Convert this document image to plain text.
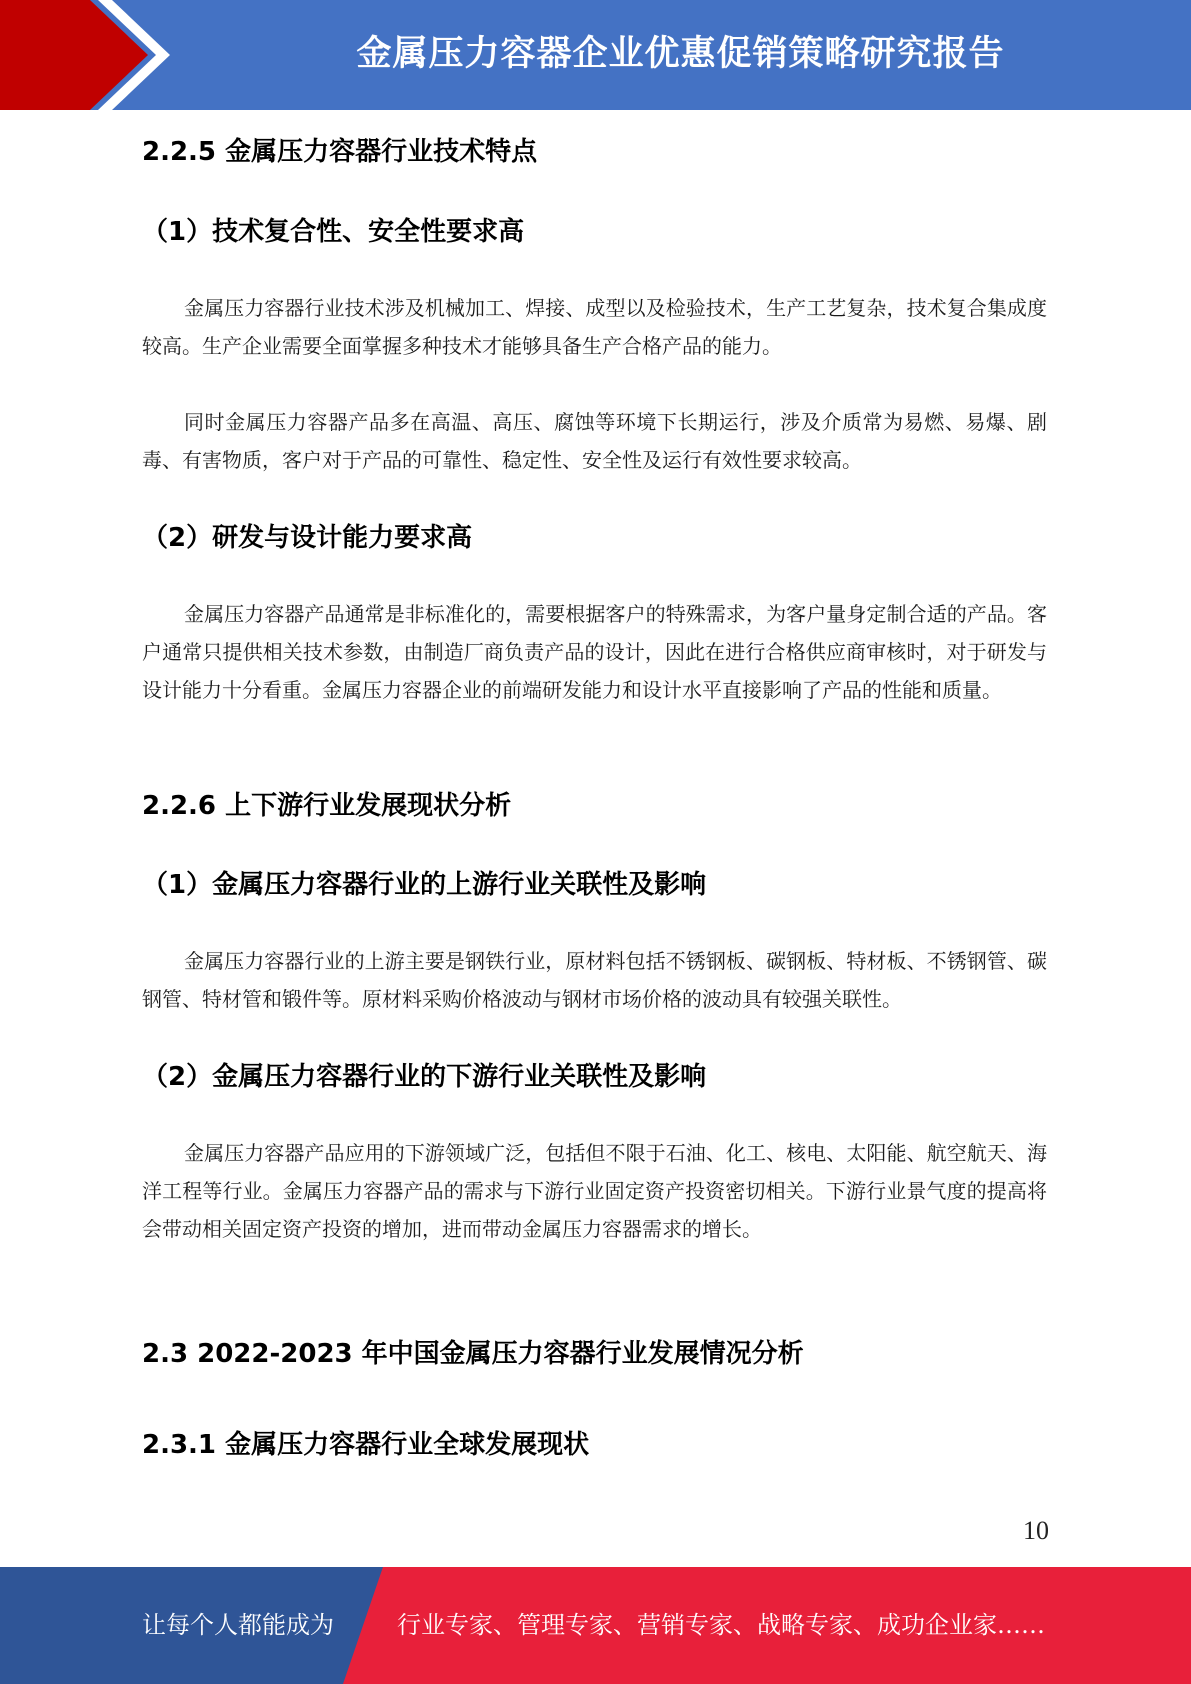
金属压力容器企业优惠促销策略研究报告
2.2.5 金属压力容器行业技术特点
（1）技术复合性、安全性要求高

金属压力容器行业技术涉及机械加工、焊接、成型以及检验技术，生产工艺复杂，技术复合集成度较高。生产企业需要全面掌握多种技术才能够具备生产合格产品的能力。

同时金属压力容器产品多在高温、高压、腐蚀等环境下长期运行，涉及介质常为易燃、易爆、剧毒、有害物质，客户对于产品的可靠性、稳定性、安全性及运行有效性要求较高。

（2）研发与设计能力要求高

金属压力容器产品通常是非标准化的，需要根据客户的特殊需求，为客户量身定制合适的产品。客户通常只提供相关技术参数，由制造厂商负责产品的设计，因此在进行合格供应商审核时，对于研发与设计能力十分看重。金属压力容器企业的前端研发能力和设计水平直接影响了产品的性能和质量。

2.2.6 上下游行业发展现状分析
（1）金属压力容器行业的上游行业关联性及影响

金属压力容器行业的上游主要是钢铁行业，原材料包括不锈钢板、碳钢板、特材板、不锈钢管、碳钢管、特材管和锻件等。原材料采购价格波动与钢材市场价格的波动具有较强关联性。

（2）金属压力容器行业的下游行业关联性及影响

金属压力容器产品应用的下游领域广泛，包括但不限于石油、化工、核电、太阳能、航空航天、海洋工程等行业。金属压力容器产品的需求与下游行业固定资产投资密切相关。下游行业景气度的提高将会带动相关固定资产投资的增加，进而带动金属压力容器需求的增长。

2.3 2022-2023 年中国金属压力容器行业发展情况分析
2.3.1 金属压力容器行业全球发展现状
10
让每个人都能成为	行业专家、管理专家、营销专家、战略专家、成功企业家……
